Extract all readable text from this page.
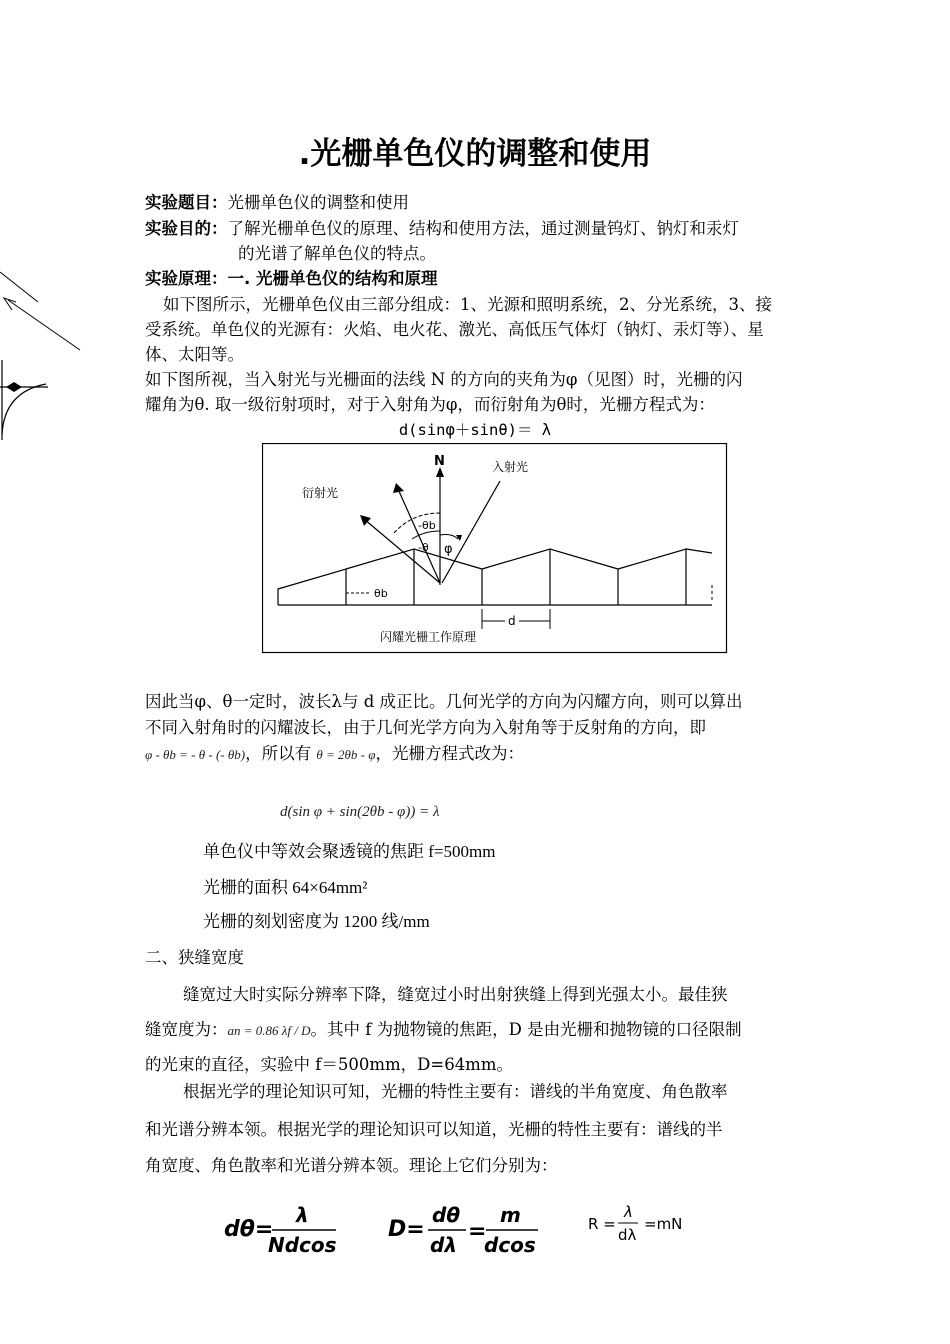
.光栅单色仪的调整和使用
实验题目：光栅单色仪的调整和使用
实验目的：了解光栅单色仪的原理、结构和使用方法，通过测量钨灯、钠灯和汞灯
的光谱了解单色仪的特点。
实验原理：一. 光栅单色仪的结构和原理
如下图所示，光栅单色仪由三部分组成：1、光源和照明系统，2、分光系统，3、接
受系统。单色仪的光源有：火焰、电火花、激光、高低压气体灯（钠灯、汞灯等）、星
体、太阳等。
如下图所视，当入射光与光栅面的法线 N 的方向的夹角为φ（见图）时，光栅的闪
耀角为θ. 取一级衍射项时，对于入射角为φ，而衍射角为θ时，光栅方程式为：
d(sinφ＋sinθ)＝ λ
N	入射光
衍射光
-θb
-θ φ
θb
d
闪耀光栅工作原理
因此当φ、θ一定时，波长λ与 d 成正比。几何光学的方向为闪耀方向，则可以算出
不同入射角时的闪耀波长，由于几何光学方向为入射角等于反射角的方向，即
φ - θb = - θ - (- θb)，所以有 θ = 2θb - φ，光栅方程式改为：
d(sin φ + sin(2θb - φ)) = λ
单色仪中等效会聚透镜的焦距 f=500mm
光栅的面积 64×64mm²
光栅的刻划密度为 1200 线/mm
二、狭缝宽度
缝宽过大时实际分辨率下降，缝宽过小时出射狭缝上得到光强太小。最佳狭
缝宽度为：an = 0.86 λf / D。其中 f 为抛物镜的焦距，D 是由光栅和抛物镜的口径限制
的光束的直径，实验中 f＝500mm，D=64mm。
根据光学的理论知识可知，光栅的特性主要有：谱线的半角宽度、角色散率
和光谱分辨本领。根据光学的理论知识可以知道，光栅的特性主要有：谱线的半
角宽度、角色散率和光谱分辨本领。理论上它们分别为：
dθ=
λ
Ndcos
D=
dθ
dλ
=
m
dcos
R =
λ
dλ
=mN
